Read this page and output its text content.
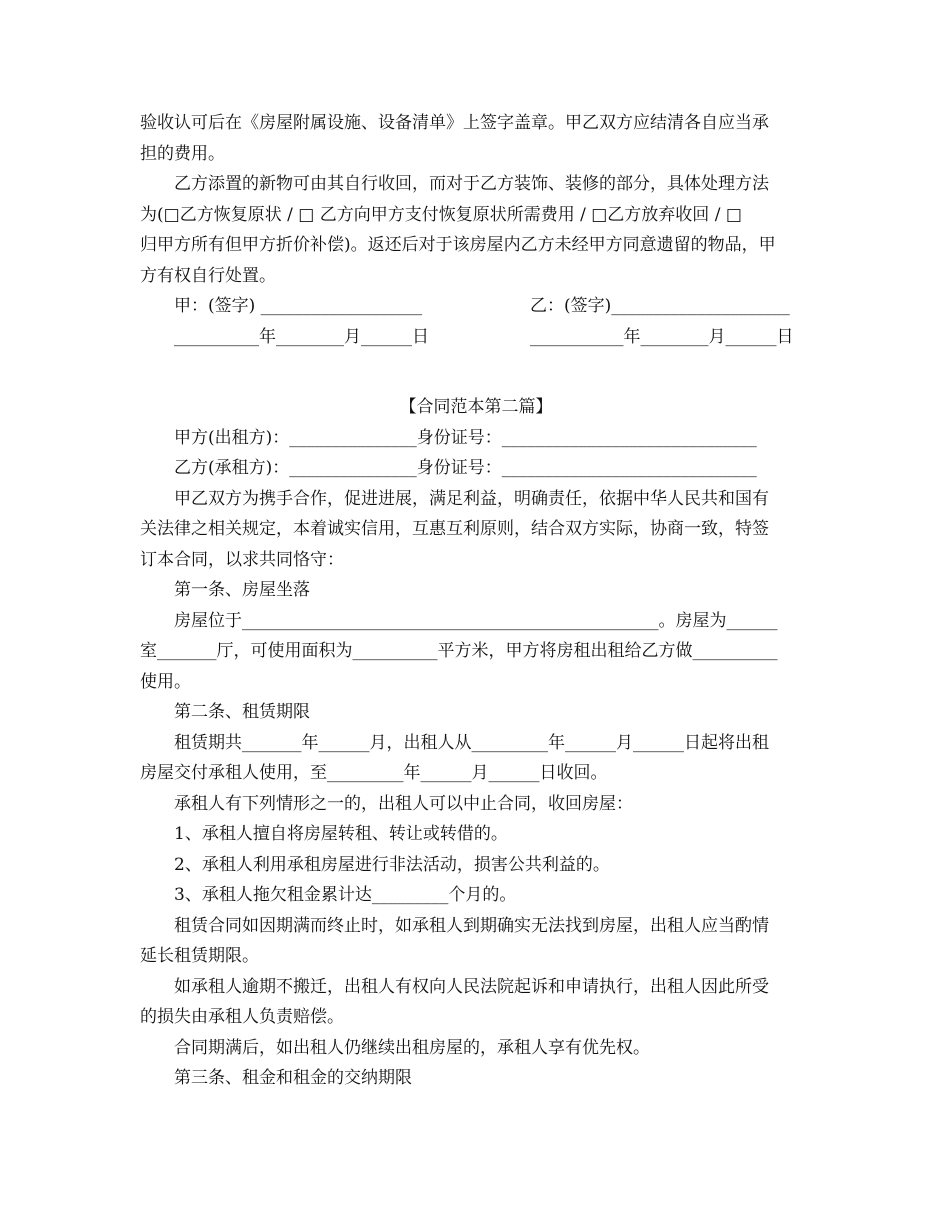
验收认可后在《房屋附属设施、设备清单》上签字盖章。甲乙双方应结清各自应当承
担的费用。
乙方添置的新物可由其自行收回，而对于乙方装饰、装修的部分，具体处理方法
为(□乙方恢复原状 / □ 乙方向甲方支付恢复原状所需费用 / □乙方放弃收回 / □
归甲方所有但甲方折价补偿)。返还后对于该房屋内乙方未经甲方同意遗留的物品，甲
方有权自行处置。
甲：(签字) ___________________	乙：(签字)_____________________
__________年________月______日	___________年________月______日
【合同范本第二篇】
甲方(出租方)：_______________身份证号：______________________________
乙方(承租方)：_______________身份证号：______________________________
甲乙双方为携手合作，促进进展，满足利益，明确责任，依据中华人民共和国有
关法律之相关规定，本着诚实信用，互惠互利原则，结合双方实际，协商一致，特签
订本合同，以求共同恪守：
第一条、房屋坐落
房屋位于_________________________________________________。房屋为______
室_______厅，可使用面积为__________平方米，甲方将房租出租给乙方做__________
使用。
第二条、租赁期限
租赁期共_______年______月，出租人从_________年______月______日起将出租
房屋交付承租人使用，至_________年______月______日收回。
承租人有下列情形之一的，出租人可以中止合同，收回房屋：
1、承租人擅自将房屋转租、转让或转借的。
2、承租人利用承租房屋进行非法活动，损害公共利益的。
3、承租人拖欠租金累计达_________个月的。
租赁合同如因期满而终止时，如承租人到期确实无法找到房屋，出租人应当酌情
延长租赁期限。
如承租人逾期不搬迁，出租人有权向人民法院起诉和申请执行，出租人因此所受
的损失由承租人负责赔偿。
合同期满后，如出租人仍继续出租房屋的，承租人享有优先权。
第三条、租金和租金的交纳期限
